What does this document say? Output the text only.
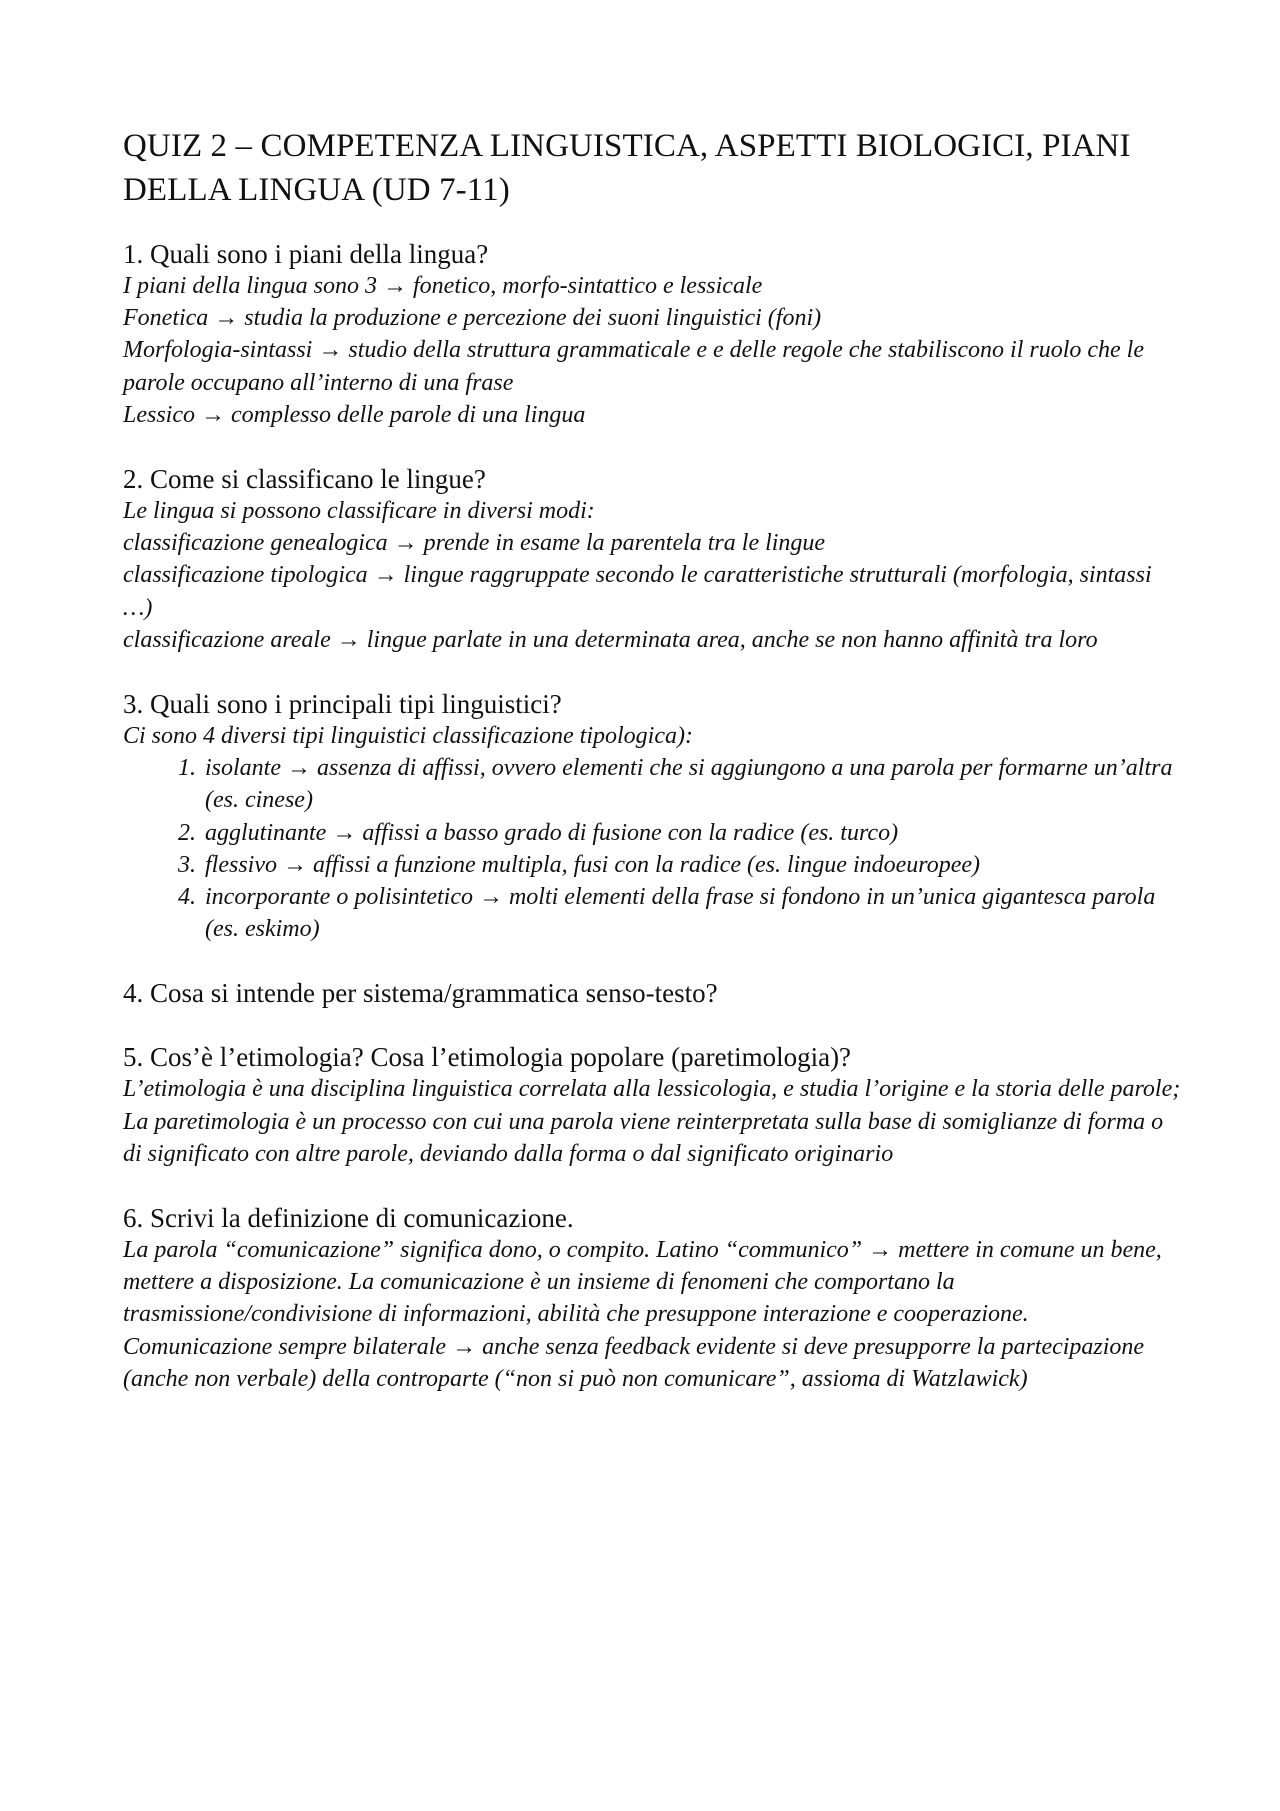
QUIZ 2 – COMPETENZA LINGUISTICA, ASPETTI BIOLOGICI, PIANI DELLA LINGUA (UD 7-11)
1. Quali sono i piani della lingua?

I piani della lingua sono 3 → fonetico, morfo-sintattico e lessicale

Fonetica → studia la produzione e percezione dei suoni linguistici (foni)

Morfologia-sintassi → studio della struttura grammaticale e e delle regole che stabiliscono il ruolo che le parole occupano all’interno di una frase

Lessico → complesso delle parole di una lingua

2. Come si classificano le lingue?

Le lingua si possono classificare in diversi modi:

classificazione genealogica → prende in esame la parentela tra le lingue

classificazione tipologica → lingue raggruppate secondo le caratteristiche strutturali (morfologia, sintassi …)

classificazione areale → lingue parlate in una determinata area, anche se non hanno affinità tra loro

3. Quali sono i principali tipi linguistici?

Ci sono 4 diversi tipi linguistici classificazione tipologica):

1. isolante → assenza di affissi, ovvero elementi che si aggiungono a una parola per formarne un’altra (es. cinese)
2. agglutinante → affissi a basso grado di fusione con la radice (es. turco)
3. flessivo → affissi a funzione multipla, fusi con la radice (es. lingue indoeuropee)
4. incorporante o polisintetico → molti elementi della frase si fondono in un’unica gigantesca parola (es. eskimo)
4. Cosa si intende per sistema/grammatica senso-testo?
5. Cos’è l’etimologia? Cosa l’etimologia popolare (paretimologia)?

L’etimologia è una disciplina linguistica correlata alla lessicologia, e studia l’origine e la storia delle parole;

La paretimologia è un processo con cui una parola viene reinterpretata sulla base di somiglianze di forma o di significato con altre parole, deviando dalla forma o dal significato originario

6. Scrivi la definizione di comunicazione.

La parola “comunicazione” significa dono, o compito. Latino “communico” → mettere in comune un bene, mettere a disposizione. La comunicazione è un insieme di fenomeni che comportano la trasmissione/condivisione di informazioni, abilità che presuppone interazione e cooperazione.

Comunicazione sempre bilaterale → anche senza feedback evidente si deve presupporre la partecipazione (anche non verbale) della controparte (“non si può non comunicare”, assioma di Watzlawick)
